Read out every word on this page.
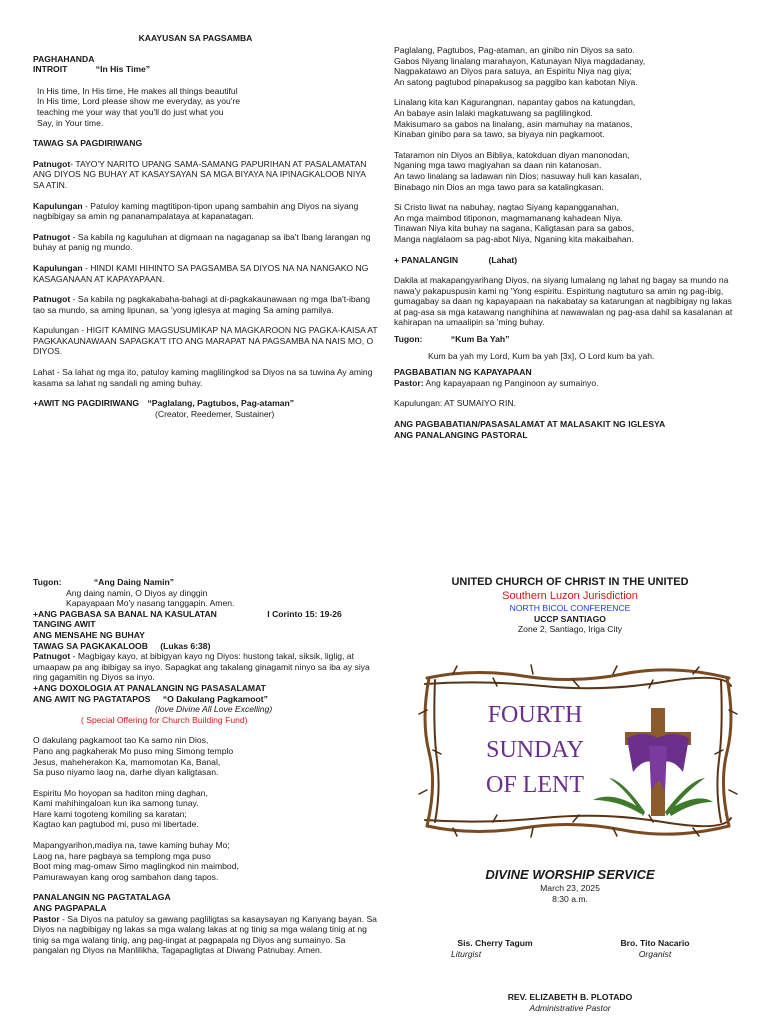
KAAYUSAN SA PAGSAMBA

PAGHAHANDA

INTROIT	“In His Time”

In His time, In His time, He makes all things beautiful

In His time, Lord please show me everyday, as you're

teaching me your way that you'll do just what you

Say, in Your time.

TAWAG SA PAGDIRIWANG

Patnugot- TAYO'Y NARITO UPANG SAMA-SAMANG PAPURIHAN AT PASALAMATAN ANG DIYOS NG BUHAY AT KASAYSAYAN SA MGA BIYAYA NA IPINAGKALOOB NIYA SA ATIN.

Kapulungan - Patuloy kaming magtitipon-tipon upang sambahin ang Diyos na siyang nagbibigay sa amin ng pananampalataya at kapanatagan.

Patnugot - Sa kabila ng kaguluhan at digmaan na nagaganap sa iba't Ibang larangan ng buhay at panig ng mundo.

Kapulungan - HINDI KAMI HIHINTO SA PAGSAMBA SA DIYOS NA NA NANGAKO NG KASAGANAAN AT KAPAYAPAAN.

Patnugot - Sa kabila ng pagkakabaha-bahagi at di-pagkakaunawaan ng mga Iba't-ibang tao sa mundo, sa aming lipunan, sa 'yong iglesya at maging Sa aming pamilya.

Kapulungan - HIGIT KAMING MAGSUSUMIKAP NA MAGKAROON NG PAGKA-KAISA AT PAGKAKAUNAWAAN SAPAGKA'T ITO ANG MARAPAT NA PAGSAMBA NA NAIS MO, O DIYOS.

Lahat - Sa lahat ng mga ito, patuloy kaming maglilingkod sa Diyos na sa tuwina Ay aming kasama sa lahat ng sandali ng aming buhay.

+AWIT NG PAGDIRIWANG “Paglalang, Pagtubos, Pag-ataman”

(Creator, Reedemer, Sustainer)

Paglalang, Pagtubos, Pag-ataman, an ginibo nin Diyos sa sato.

Gabos Niyang linalang marahayon, Katunayan Niya magdadanay,

Nagpakatawo an Diyos para satuya, an Espiritu Niya nag giya;

An satong pagtubod pinapakusog sa paggibo kan kabotan Niya.

Linalang kita kan Kagurangnan, napantay gabos na katungdan,

An babaye asin lalaki magkatuwang sa paglilingkod.

Makisumaro sa gabos na linalang, asin mamuhay na matanos,

Kinaban ginibo para sa tawo, sa biyaya nin pagkamoot.

Tataramon nin Diyos an Bibliya, katokduan diyan manonodan,

Nganing mga tawo magiyahan sa daan nin katanosan.

An tawo linalang sa ladawan nin Dios; nasuway huli kan kasalan,

Binabago nin Dios an mga tawo para sa katalingkasan.

Si Cristo liwat na nabuhay, nagtao Siyang kapangganahan,

An mga maimbod titiponon, magmamanang kahadean Niya.

Tinawan Niya kita buhay na sagana, Kaligtasan para sa gabos,

Manga naglalaom sa pag-abot Niya, Nganing kita makaibahan.

+ PANALANGIN	(Lahat)

Dakila at makapangyarihang Diyos, na siyang lumalang ng lahat ng bagay sa mundo na nawa'y pakapuspusin kami ng 'Yong espiritu. Espiritung nagtuturo sa amin ng pag-ibig, gumagabay sa daan ng kapayapaan na nakabatay sa katarungan at nagbibigay ng lakas at pag-asa sa mga katawang nanghihina at nawawalan ng pag-asa dahil sa kasalanan at kahirapan na umaalipin sa 'ming buhay.

Tugon:	“Kum Ba Yah”

Kum ba yah my Lord, Kum ba yah [3x], O Lord kum ba yah.

PAGBABATIAN NG KAPAYAPAAN

Pastor: Ang kapayapaan ng Panginoon ay sumainyo.

Kapulungan: AT SUMAIYO RIN.

ANG PAGBABATIAN/PASASALAMAT AT MALASAKIT NG IGLESYA

ANG PANALANGING PASTORAL

Tugon:	“Ang Daing Namin”

Ang daing namin, O Diyos ay dinggin

Kapayapaan Mo'y nasang tanggapin. Amen.

+ANG PAGBASA SA BANAL NA KASULATAN	I Corinto 15: 19-26

TANGING AWIT

ANG MENSAHE NG BUHAY

TAWAG SA PAGKAKALOOB (Lukas 6:38)

Patnugot - Magbigay kayo, at bibigyan kayo ng Diyos: hustong takal, siksik, liglig, at umaapaw pa ang ibibigay sa inyo. Sapagkat ang takalang ginagamit ninyo sa iba ay siya ring gagamitin ng Diyos sa inyo.

+ANG DOXOLOGIA AT PANALANGIN NG PASASALAMAT

ANG AWIT NG PAGTATAPOS “O Dakulang Pagkamoot”

(love Divine All Love Excelling)

( Special Offering for Church Building Fund)

O dakulang pagkamoot tao Ka samo nin Dios,

Pano ang pagkaherak Mo puso ming Simong templo

Jesus, maheherakon Ka, mamomotan Ka, Banal,

Sa puso niyamo laog na, darhe diyan kaligtasan.

Espiritu Mo hoyopan sa haditon ming daghan,

Kami mahihingaloan kun ika samong tunay.

Hare kami togoteng komiling sa karatan;

Kagtao kan pagtubod mi, puso mi libertade.

Mapangyarihon,madiya na, tawe kaming buhay Mo;

Laog na, hare pagbaya sa templong mga puso

Boot ming mag-omaw Simo maglingkod nin maimbod,

Pamurawayan kang orog sambahon dang tapos.

PANALANGIN NG PAGTATALAGA

ANG PAGPAPALA

Pastor - Sa Diyos na patuloy sa gawang pagliligtas sa kasaysayan ng Kanyang bayan. Sa Diyos na nagbibigay ng lakas sa mga walang lakas at ng tinig sa mga walang tinig at ng tinig sa mga walang tinig, ang pag-iingat at pagpapala ng Diyos ang sumainyo. Sa pangalan ng Diyos na Manlilikha, Tagapagligtas at Diwang Patnubay. Amen.

UNITED CHURCH OF CHRIST IN THE UNITED

Southern Luzon Jurisdiction

NORTH BICOL CONFERENCE

UCCP SANTIAGO

Zone 2, Santiago, Iriga City

FOURTH

SUNDAY

OF LENT

DIVINE WORSHIP SERVICE

March 23, 2025

8:30 a.m.

Sis. Cherry Tagum

Liturgist

Bro. Tito Nacario

Organist

REV. ELIZABETH B. PLOTADO

Administrative Pastor
